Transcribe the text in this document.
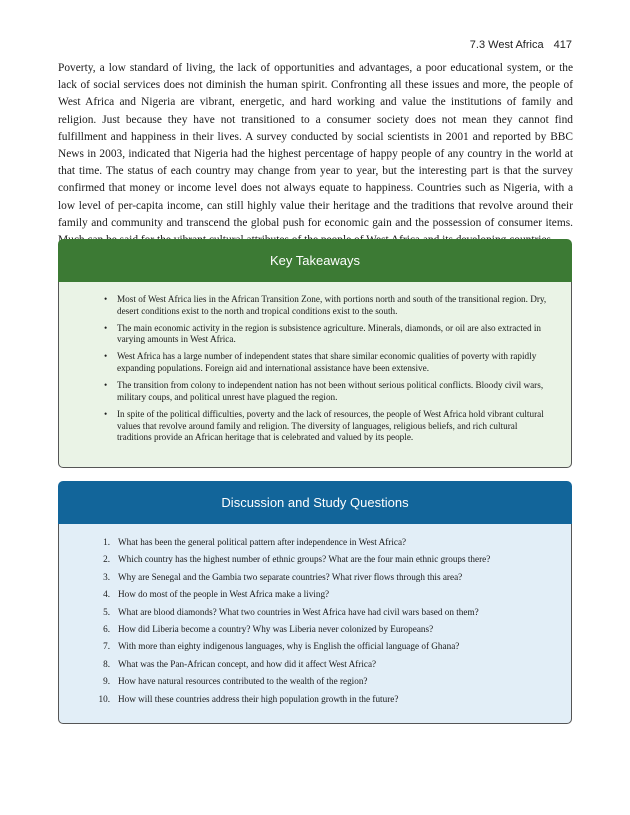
7.3 West Africa 417

Poverty, a low standard of living, the lack of opportunities and advantages, a poor educational system, or the lack of social services does not diminish the human spirit. Confronting all these issues and more, the people of West Africa and Nigeria are vibrant, energetic, and hard working and value the institutions of family and religion. Just because they have not transitioned to a consumer society does not mean they cannot find fulfillment and happiness in their lives. A survey conducted by social scientists in 2001 and reported by BBC News in 2003, indicated that Nigeria had the highest percentage of happy people of any country in the world at that time. The status of each country may change from year to year, but the interesting part is that the survey confirmed that money or income level does not always equate to happiness. Countries such as Nigeria, with a low level of per-capita income, can still highly value their heritage and the traditions that revolve around their family and community and transcend the global push for economic gain and the possession of consumer items.

Key Takeaways
• Most of West Africa lies in the African Transition Zone, with portions north and south of the transitional region. Dry, desert conditions exist to the north and tropical conditions exist to the south.
• The main economic activity in the region is subsistence agriculture. Minerals, diamonds, or oil are also extracted in varying amounts in West Africa.
• West Africa has a large number of independent states that share similar economic qualities of poverty with rapidly expanding populations. Foreign aid and international assistance have been extensive.
• The transition from colony to independent nation has not been without serious political conflicts. Bloody civil wars, military coups, and political unrest have plagued the region.
• In spite of the political difficulties, poverty and the lack of resources, the people of West Africa hold vibrant cultural values that revolve around family and religion. The diversity of languages, religious beliefs, and rich cultural traditions provide an African heritage that is celebrated and valued by its people.
Discussion and Study Questions
1. What has been the general political pattern after independence in West Africa?
2. Which country has the highest number of ethnic groups? What are the four main ethnic groups there?
3. Why are Senegal and the Gambia two separate countries? What river flows through this area?
4. How do most of the people in West Africa make a living?
5. What are blood diamonds? What two countries in West Africa have had civil wars based on them?
6. How did Liberia become a country? Why was Liberia never colonized by Europeans?
7. With more than eighty indigenous languages, why is English the official language of Ghana?
8. What was the Pan-African concept, and how did it affect West Africa?
9. How have natural resources contributed to the wealth of the region?
10. How will these countries address their high population growth in the future?
